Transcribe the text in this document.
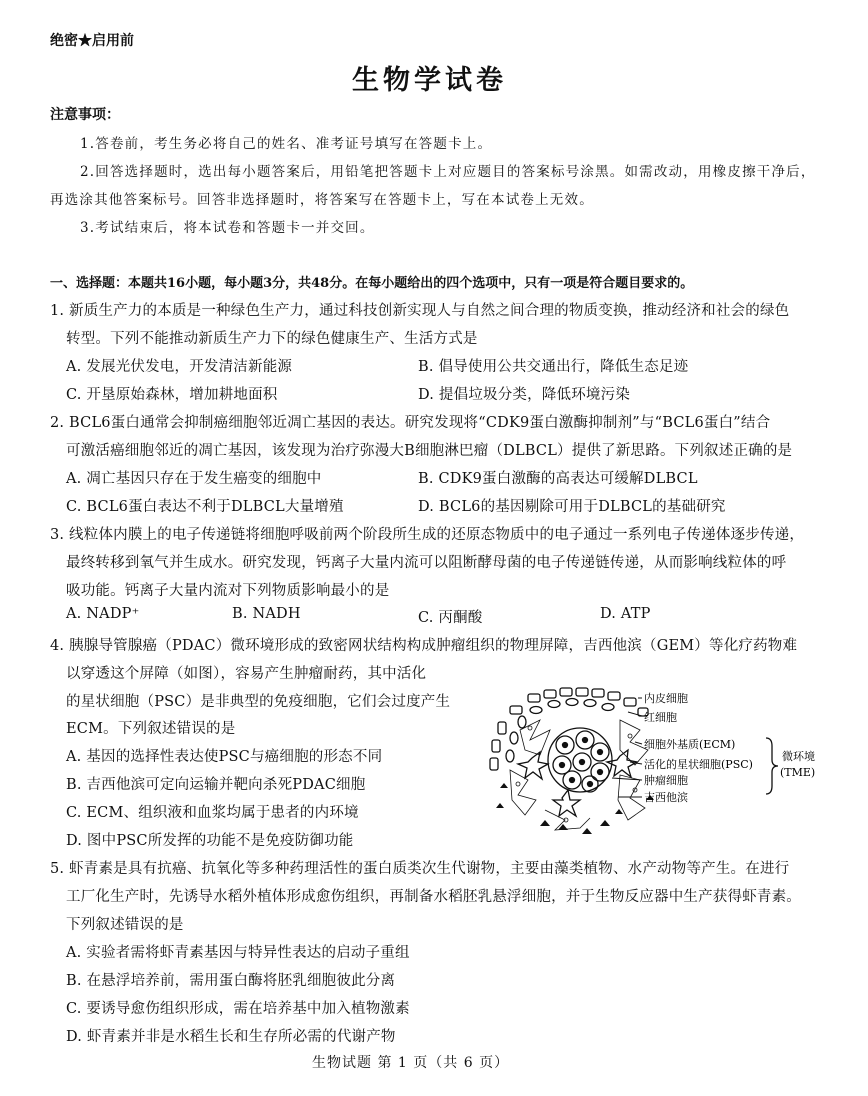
绝密★启用前
生物学试卷
注意事项：
1.答卷前，考生务必将自己的姓名、准考证号填写在答题卡上。
2.回答选择题时，选出每小题答案后，用铅笔把答题卡上对应题目的答案标号涂黑。如需改动，用橡皮擦干净后，
再选涂其他答案标号。回答非选择题时，将答案写在答题卡上，写在本试卷上无效。
3.考试结束后，将本试卷和答题卡一并交回。
一、选择题：本题共16小题，每小题3分，共48分。在每小题给出的四个选项中，只有一项是符合题目要求的。
1. 新质生产力的本质是一种绿色生产力，通过科技创新实现人与自然之间合理的物质变换，推动经济和社会的绿色
转型。下列不能推动新质生产力下的绿色健康生产、生活方式是
A. 发展光伏发电，开发清洁新能源	B. 倡导使用公共交通出行，降低生态足迹
C. 开垦原始森林，增加耕地面积	D. 提倡垃圾分类，降低环境污染
2. BCL6蛋白通常会抑制癌细胞邻近凋亡基因的表达。研究发现将“CDK9蛋白激酶抑制剂”与“BCL6蛋白”结合
可激活癌细胞邻近的凋亡基因，该发现为治疗弥漫大B细胞淋巴瘤（DLBCL）提供了新思路。下列叙述正确的是
A. 凋亡基因只存在于发生癌变的细胞中	B. CDK9蛋白激酶的高表达可缓解DLBCL
C. BCL6蛋白表达不利于DLBCL大量增殖	D. BCL6的基因剔除可用于DLBCL的基础研究
3. 线粒体内膜上的电子传递链将细胞呼吸前两个阶段所生成的还原态物质中的电子通过一系列电子传递体逐步传递，
最终转移到氧气并生成水。研究发现，钙离子大量内流可以阻断酵母菌的电子传递链传递，从而影响线粒体的呼
吸功能。钙离子大量内流对下列物质影响最小的是
A. NADP⁺	B. NADH	C. 丙酮酸	D. ATP
4. 胰腺导管腺癌（PDAC）微环境形成的致密网状结构构成肿瘤组织的物理屏障，吉西他滨（GEM）等化疗药物难
以穿透这个屏障（如图），容易产生肿瘤耐药，其中活化
的星状细胞（PSC）是非典型的免疫细胞，它们会过度产生
ECM。下列叙述错误的是
A. 基因的选择性表达使PSC与癌细胞的形态不同
B. 吉西他滨可定向运输并靶向杀死PDAC细胞
C. ECM、组织液和血浆均属于患者的内环境
D. 图中PSC所发挥的功能不是免疫防御功能
内皮细胞
红细胞
细胞外基质(ECM)
活化的星状细胞(PSC)
肿瘤细胞
吉西他滨
微环境
(TME)
5. 虾青素是具有抗癌、抗氧化等多种药理活性的蛋白质类次生代谢物，主要由藻类植物、水产动物等产生。在进行
工厂化生产时，先诱导水稻外植体形成愈伤组织，再制备水稻胚乳悬浮细胞，并于生物反应器中生产获得虾青素。
下列叙述错误的是
A. 实验者需将虾青素基因与特异性表达的启动子重组
B. 在悬浮培养前，需用蛋白酶将胚乳细胞彼此分离
C. 要诱导愈伤组织形成，需在培养基中加入植物激素
D. 虾青素并非是水稻生长和生存所必需的代谢产物
生物试题 第 1 页（共 6 页）
